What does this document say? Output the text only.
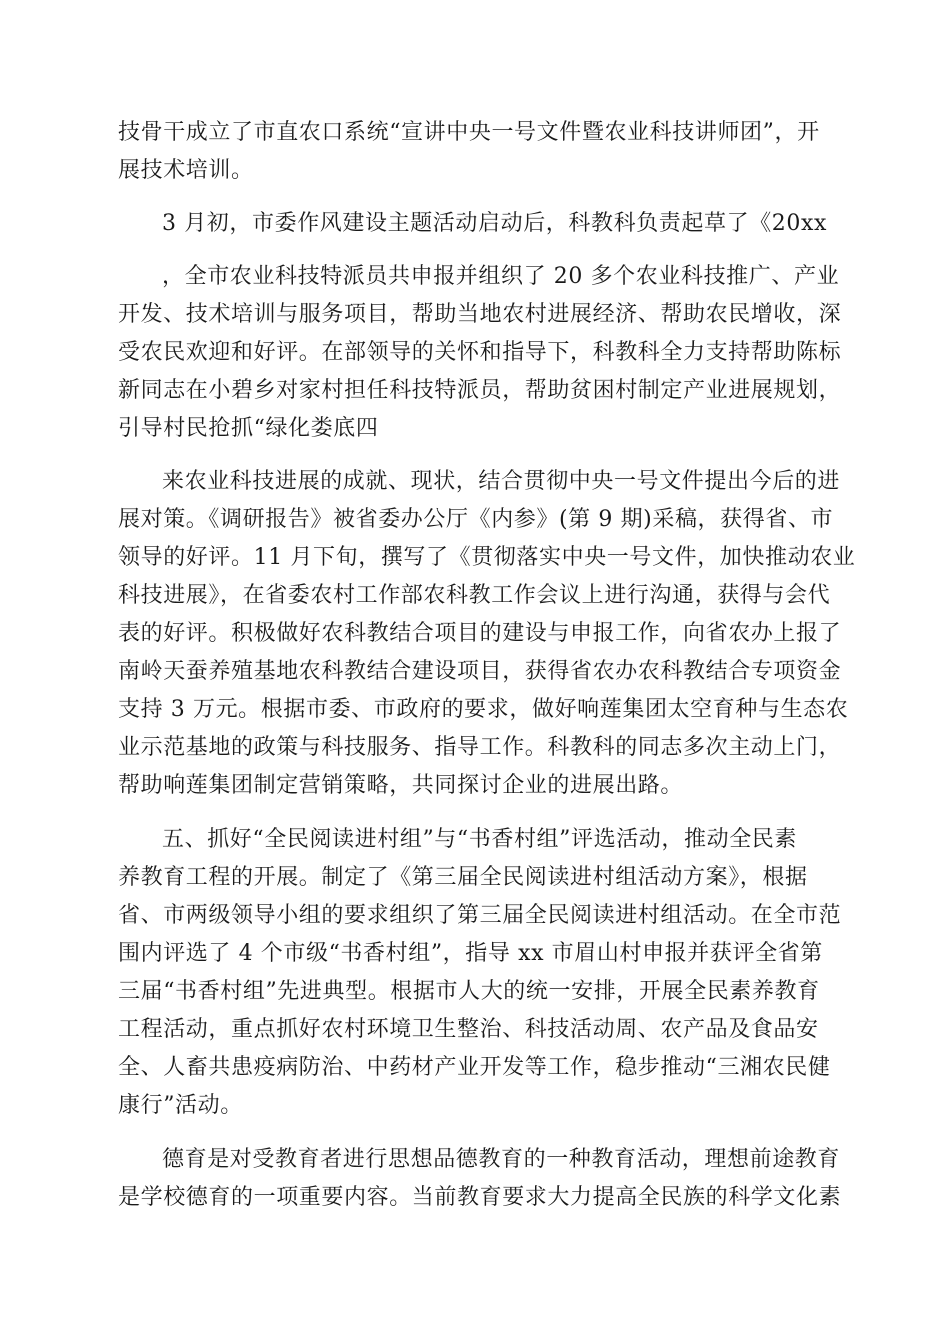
技骨干成立了市直农口系统“宣讲中央一号文件暨农业科技讲师团”，开
展技术培训。
3 月初，市委作风建设主题活动启动后，科教科负责起草了《20xx
，全市农业科技特派员共申报并组织了 20 多个农业科技推广、产业
开发、技术培训与服务项目，帮助当地农村进展经济、帮助农民增收，深
受农民欢迎和好评。在部领导的关怀和指导下，科教科全力支持帮助陈标
新同志在小碧乡对家村担任科技特派员，帮助贫困村制定产业进展规划，
引导村民抢抓“绿化娄底四
来农业科技进展的成就、现状，结合贯彻中央一号文件提出今后的进
展对策。《调研报告》被省委办公厅《内参》(第 9 期)采稿，获得省、市
领导的好评。11 月下旬，撰写了《贯彻落实中央一号文件，加快推动农业
科技进展》，在省委农村工作部农科教工作会议上进行沟通，获得与会代
表的好评。积极做好农科教结合项目的建设与申报工作，向省农办上报了
南岭天蚕养殖基地农科教结合建设项目，获得省农办农科教结合专项资金
支持 3 万元。根据市委、市政府的要求，做好响莲集团太空育种与生态农
业示范基地的政策与科技服务、指导工作。科教科的同志多次主动上门，
帮助响莲集团制定营销策略，共同探讨企业的进展出路。
五、抓好“全民阅读进村组”与“书香村组”评选活动，推动全民素
养教育工程的开展。制定了《第三届全民阅读进村组活动方案》，根据
省、市两级领导小组的要求组织了第三届全民阅读进村组活动。在全市范
围内评选了 4 个市级“书香村组”，指导 xx 市眉山村申报并获评全省第
三届“书香村组”先进典型。根据市人大的统一安排，开展全民素养教育
工程活动，重点抓好农村环境卫生整治、科技活动周、农产品及食品安
全、人畜共患疫病防治、中药材产业开发等工作，稳步推动“三湘农民健
康行”活动。
德育是对受教育者进行思想品德教育的一种教育活动，理想前途教育
是学校德育的一项重要内容。当前教育要求大力提高全民族的科学文化素
